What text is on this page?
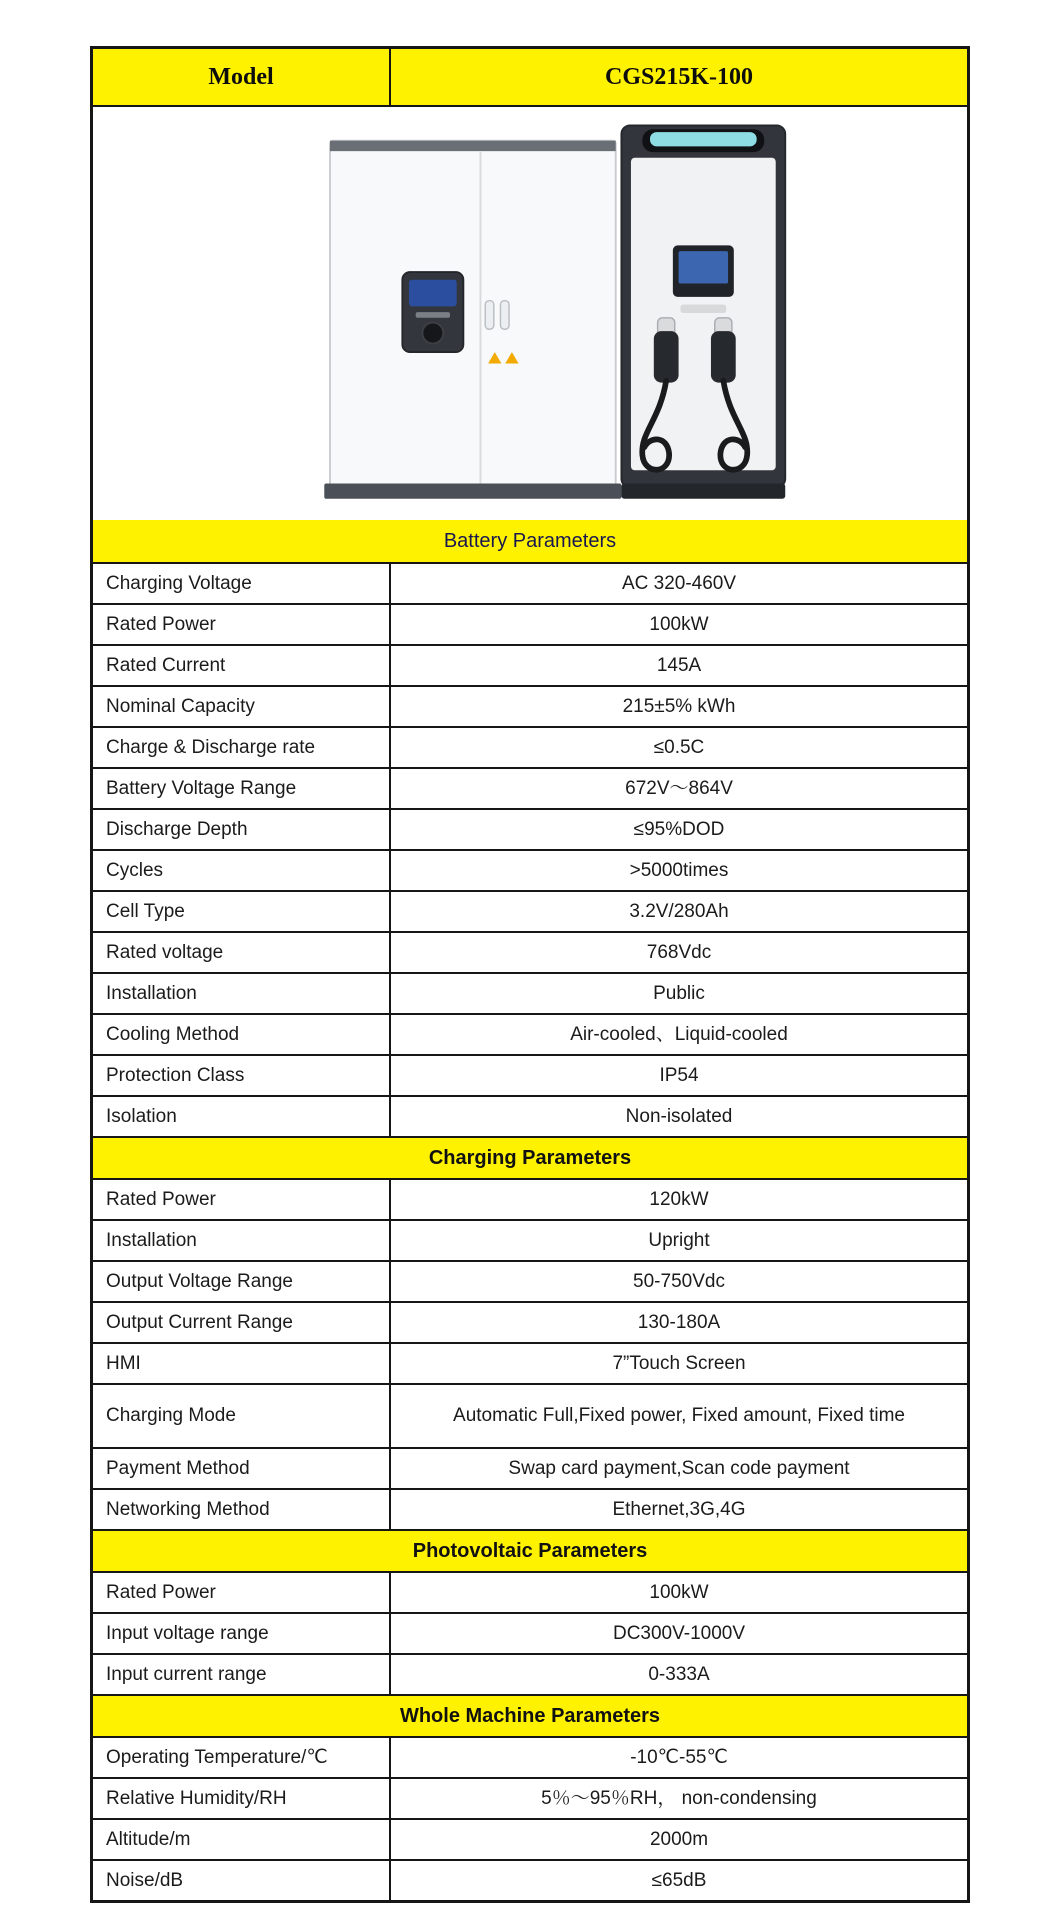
Model	CGS215K-100
Battery Parameters
Charging Voltage	AC 320-460V
Rated Power	100kW
Rated Current	145A
Nominal Capacity	215±5% kWh
Charge & Discharge rate	≤0.5C
Battery Voltage Range	672V～864V
Discharge Depth	≤95%DOD
Cycles	>5000times
Cell Type	3.2V/280Ah
Rated voltage	768Vdc
Installation	Public
Cooling Method	Air-cooled、Liquid-cooled
Protection Class	IP54
Isolation	Non-isolated
Charging Parameters
Rated Power	120kW
Installation	Upright
Output Voltage Range	50-750Vdc
Output Current Range	130-180A
HMI	7”Touch Screen
Charging Mode	Automatic Full,Fixed power, Fixed amount, Fixed time
Payment Method	Swap card payment,Scan code payment
Networking Method	Ethernet,3G,4G
Photovoltaic Parameters
Rated Power	100kW
Input voltage range	DC300V-1000V
Input current range	0-333A
Whole Machine Parameters
Operating Temperature/℃	-10℃-55℃
Relative Humidity/RH	5％～95％RH， non-condensing
Altitude/m	2000m
Noise/dB	≤65dB
